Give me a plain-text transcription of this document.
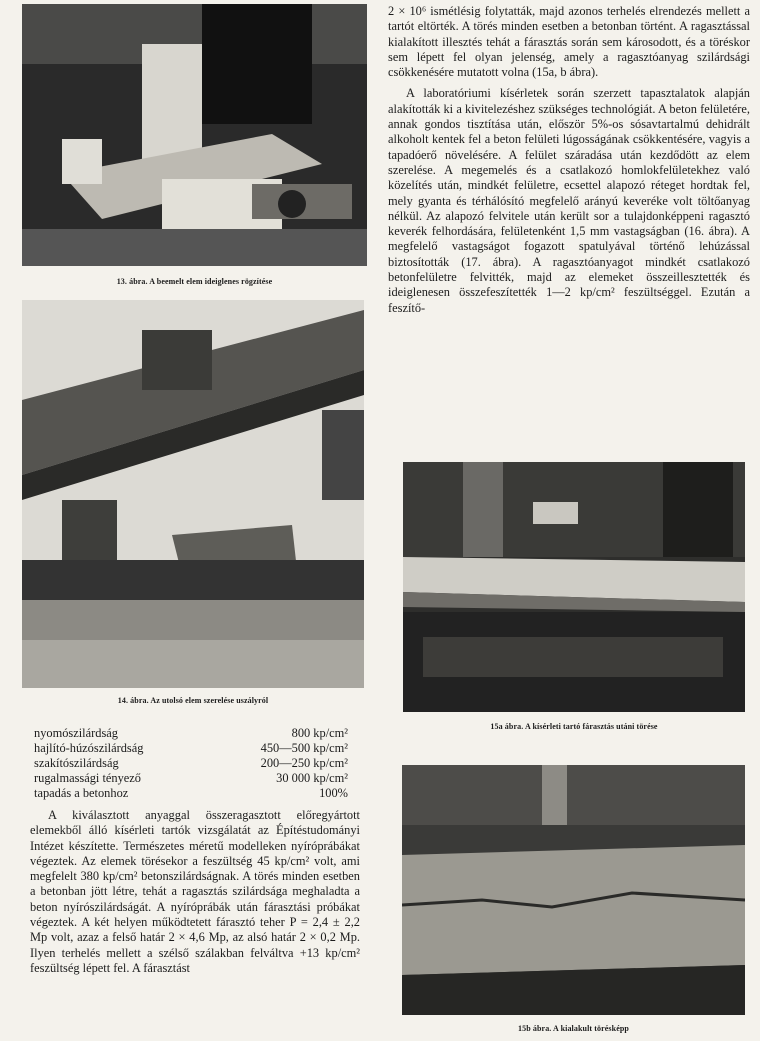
13. ábra. A beemelt elem ideiglenes rögzítése
14. ábra. Az utolsó elem szerelése uszályról
nyomószilárdság	800 kp/cm²
hajlító-húzószilárdság	450—500 kp/cm²
szakítószilárdság	200—250 kp/cm²
rugalmassági tényező	30 000 kp/cm²
tapadás a betonhoz	100%

A kiválasztott anyaggal összeragasztott előregyártott elemekből álló kísérleti tartók vizsgálatát az Építéstudományi Intézet készítette. Természetes méretű modelleken nyíróprábákat végeztek. Az elemek törésekor a feszültség 45 kp/cm² volt, ami megfelelt 380 kp/cm² betonszilárdságnak. A törés minden esetben a betonban jött létre, tehát a ragasztás szilárdsága meghaladta a beton nyírószilárdságát. A nyíróprábák után fárasztási próbákat végeztek. A két helyen működtetett fárasztó teher P = 2,4 ± 2,2 Mp volt, azaz a felső határ 2 × 4,6 Mp, az alsó határ 2 × 0,2 Mp. Ilyen terhelés mellett a szélső szálakban felváltva +13 kp/cm² feszültség lépett fel. A fárasztást

2 × 10⁶ ismétlésig folytatták, majd azonos terhelés elrendezés mellett a tartót eltörték. A törés minden esetben a betonban történt. A ragasztással kialakított illesztés tehát a fárasztás során sem károsodott, és a töréskor sem lépett fel olyan jelenség, amely a ragasztóanyag szilárdsági csökkenésére mutatott volna (15a, b ábra).

A laboratóriumi kísérletek során szerzett tapasztalatok alapján alakították ki a kivitelezéshez szükséges technológiát. A beton felületére, annak gondos tisztítása után, először 5%-os sósavtartalmú dehidrált alkoholt kentek fel a beton felületi lúgosságának csökkentésére, vagyis a tapadóerő növelésére. A felület száradása után kezdődött az elem szerelése. A megemelés és a csatlakozó homlokfelületekhez való közelítés után, mindkét felületre, ecsettel alapozó réteget hordtak fel, mely gyanta és térhálósító megfelelő arányú keveréke volt töltőanyag nélkül. Az alapozó felvitele után került sor a tulajdonképpeni ragasztó keverék felhordására, felületenként 1,5 mm vastagságban (16. ábra). A megfelelő vastagságot fogazott spatulyával történő lehúzással biztosították (17. ábra). A ragasztóanyagot mindkét csatlakozó betonfelületre felvitték, majd az elemeket összeillesztették és ideiglenesen összefeszítették 1—2 kp/cm² feszültséggel. Ezután a feszítő-

15a ábra. A kísérleti tartó fárasztás utáni törése
15b ábra. A kialakult törésképp
